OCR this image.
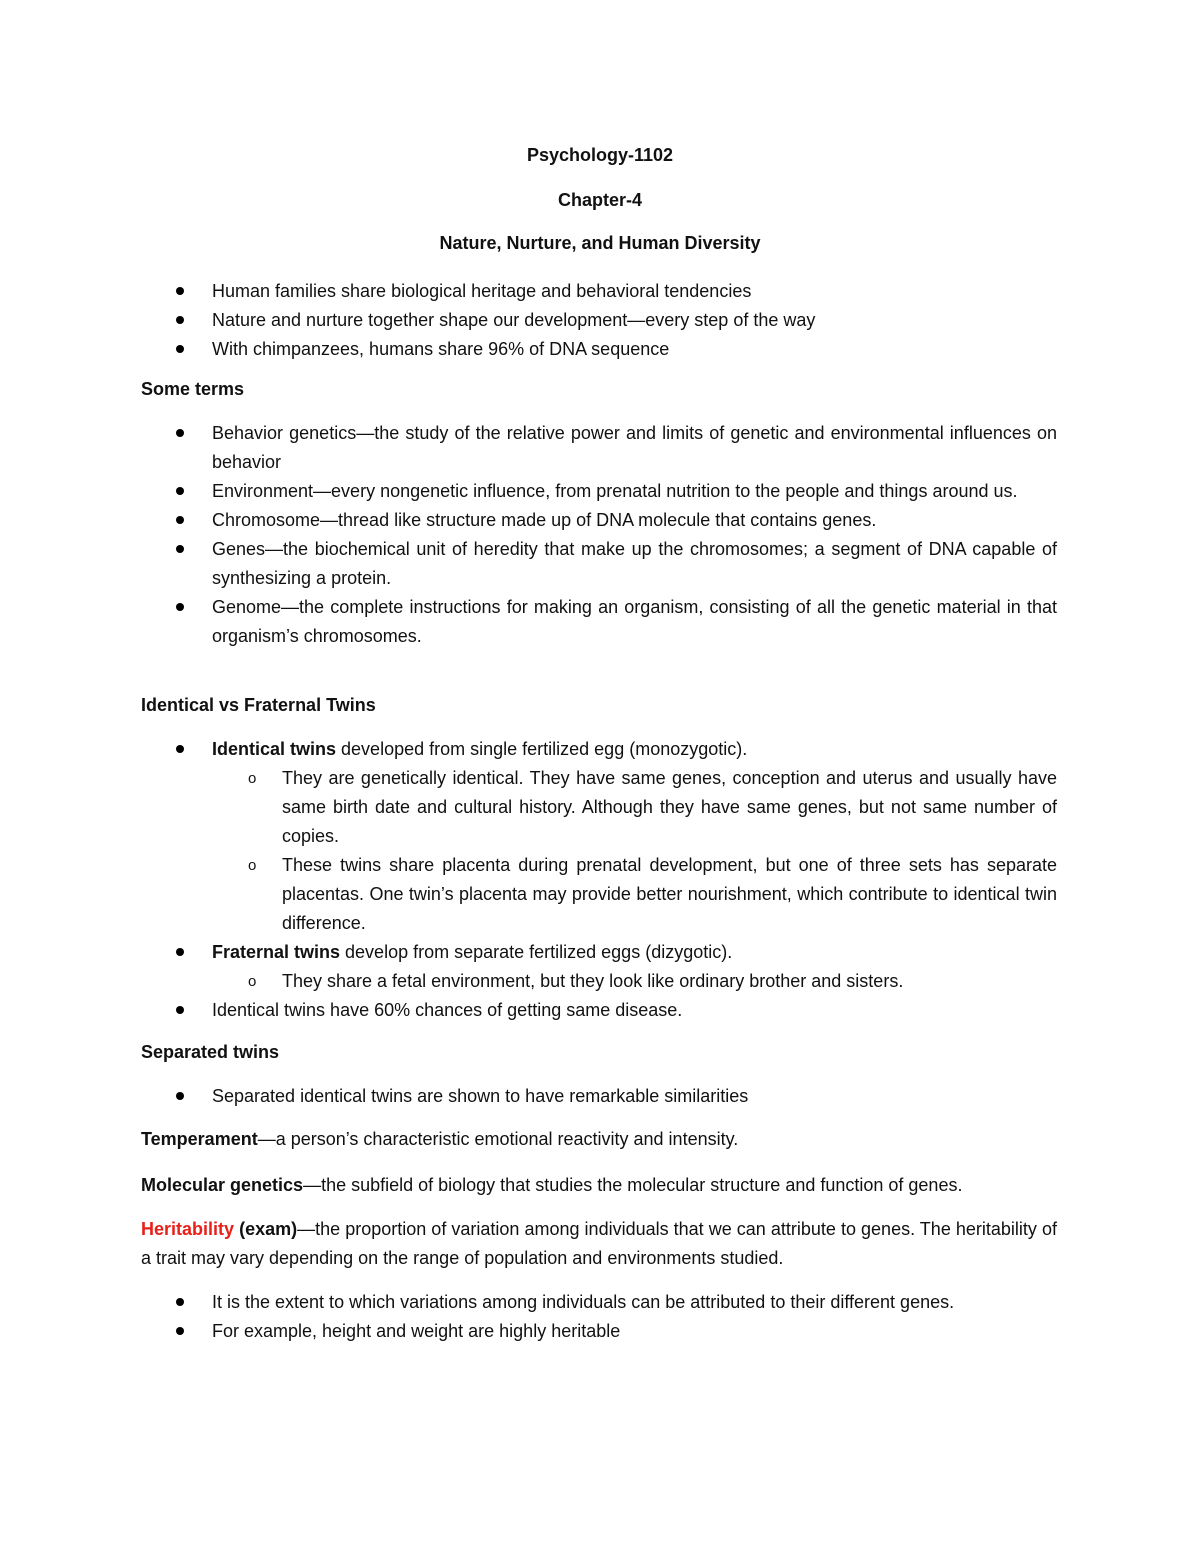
Psychology-1102
Chapter-4
Nature, Nurture, and Human Diversity
Human families share biological heritage and behavioral tendencies
Nature and nurture together shape our development—every step of the way
With chimpanzees, humans share 96% of DNA sequence
Some terms
Behavior genetics—the study of the relative power and limits of genetic and environmental influences on behavior
Environment—every nongenetic influence, from prenatal nutrition to the people and things around us.
Chromosome—thread like structure made up of DNA molecule that contains genes.
Genes—the biochemical unit of heredity that make up the chromosomes; a segment of DNA capable of synthesizing a protein.
Genome—the complete instructions for making an organism, consisting of all the genetic material in that organism’s chromosomes.
Identical vs Fraternal Twins
Identical twins developed from single fertilized egg (monozygotic).
o They are genetically identical. They have same genes, conception and uterus and usually have same birth date and cultural history. Although they have same genes, but not same number of copies.
o These twins share placenta during prenatal development, but one of three sets has separate placentas. One twin’s placenta may provide better nourishment, which contribute to identical twin difference.
Fraternal twins develop from separate fertilized eggs (dizygotic).
o They share a fetal environment, but they look like ordinary brother and sisters.
Identical twins have 60% chances of getting same disease.
Separated twins
Separated identical twins are shown to have remarkable similarities
Temperament—a person’s characteristic emotional reactivity and intensity.
Molecular genetics—the subfield of biology that studies the molecular structure and function of genes.
Heritability (exam)—the proportion of variation among individuals that we can attribute to genes. The heritability of a trait may vary depending on the range of population and environments studied.
It is the extent to which variations among individuals can be attributed to their different genes.
For example, height and weight are highly heritable
